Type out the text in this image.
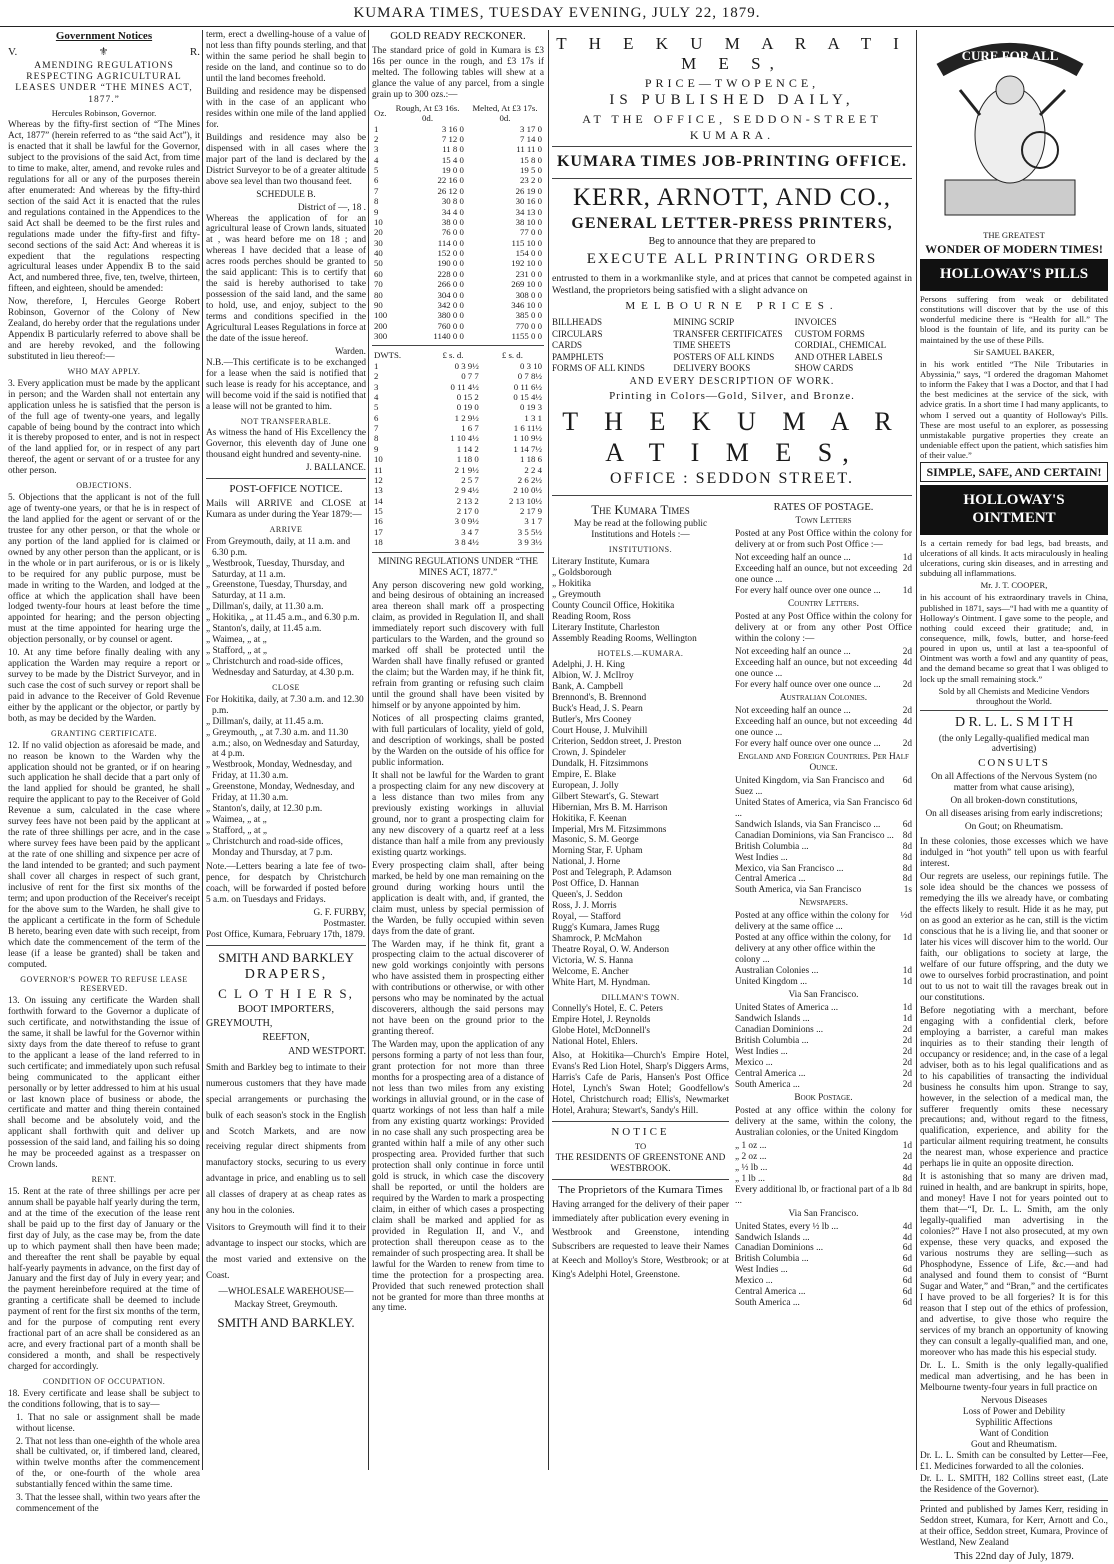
KUMARA TIMES, TUESDAY EVENING, JULY 22, 1879.
Government Notices
V.	⚜	R.
AMENDING REGULATIONS RESPECTING AGRICULTURAL LEASES UNDER “THE MINES ACT, 1877.”
Hercules Robinson, Governor.

Whereas by the fifty-first section of “The Mines Act, 1877” (herein referred to as “the said Act”), it is enacted that it shall be lawful for the Governor, subject to the provisions of the said Act, from time to time to make, alter, amend, and revoke rules and regulations for all or any of the purposes therein after enumerated: And whereas by the fifty-third section of the said Act it is enacted that the rules and regulations contained in the Appendices to the said Act shall be deemed to be the first rules and regulations made under the fifty-first and fifty-second sections of the said Act: And whereas it is expedient that the regulations respecting agricultural leases under Appendix B to the said Act, and numbered three, five, ten, twelve, thirteen, fifteen, and eighteen, should be amended:

Now, therefore, I, Hercules George Robert Robinson, Governor of the Colony of New Zealand, do hereby order that the regulations under Appendix B particularly referred to above shall be and are hereby revoked, and the following substituted in lieu thereof:—

WHO MAY APPLY.

3. Every application must be made by the applicant in person; and the Warden shall not entertain any application unless he is satisfied that the person is of the full age of twenty-one years, and legally capable of being bound by the contract into which it is thereby proposed to enter, and is not in respect of the land applied for, or in respect of any part thereof, the agent or servant of or a trustee for any other person.

OBJECTIONS.

5. Objections that the applicant is not of the full age of twenty-one years, or that he is in respect of the land applied for the agent or servant of or the trustee for any other person, or that the whole or any portion of the land applied for is claimed or owned by any other person than the applicant, or is in the whole or in part auriferous, or is or is likely to be required for any public purpose, must be made in writing to the Warden, and lodged at the office at which the application shall have been lodged twenty-four hours at least before the time appointed for hearing; and the person objecting must at the time appointed for hearing urge the objection personally, or by counsel or agent.

10. At any time before finally dealing with any application the Warden may require a report or survey to be made by the District Surveyor, and in such case the cost of such survey or report shall be paid in advance to the Receiver of Gold Revenue either by the applicant or the objector, or partly by both, as may be decided by the Warden.

GRANTING CERTIFICATE.

12. If no valid objection as aforesaid be made, and no reason be known to the Warden why the application should not be granted, or if on hearing such application he shall decide that a part only of the land applied for should be granted, he shall require the applicant to pay to the Receiver of Gold Revenue a sum, calculated in the case where survey fees have not been paid by the applicant at the rate of three shillings per acre, and in the case where survey fees have been paid by the applicant at the rate of one shilling and sixpence per acre of the land intended to be granted; and such payment shall cover all charges in respect of such grant, inclusive of rent for the first six months of the term; and upon production of the Receiver's receipt for the above sum to the Warden, he shall give to the applicant a certificate in the form of Schedule B hereto, bearing even date with such receipt, from which date the commencement of the term of the lease (if a lease be granted) shall be taken and computed.

GOVERNOR'S POWER TO REFUSE LEASE RESERVED.

13. On issuing any certificate the Warden shall forthwith forward to the Governor a duplicate of such certificate, and notwithstanding the issue of the same, it shall be lawful for the Governor within sixty days from the date thereof to refuse to grant to the applicant a lease of the land referred to in such certificate; and immediately upon such refusal being communicated to the applicant either personally or by letter addressed to him at his usual or last known place of business or abode, the certificate and matter and thing therein contained shall become and be absolutely void, and the applicant shall forthwith quit and deliver up possession of the said land, and failing his so doing he may be proceeded against as a trespasser on Crown lands.

RENT.

15. Rent at the rate of three shillings per acre per annum shall be payable half yearly during the term, and at the time of the execution of the lease rent shall be paid up to the first day of January or the first day of July, as the case may be, from the date up to which payment shall then have been made; and thereafter the rent shall be payable by equal half-yearly payments in advance, on the first day of January and the first day of July in every year; and the payment hereinbefore required at the time of granting a certificate shall be deemed to include payment of rent for the first six months of the term, and for the purpose of computing rent every fractional part of an acre shall be considered as an acre, and every fractional part of a month shall be considered a month, and shall be respectively charged for accordingly.

CONDITION OF OCCUPATION.

18. Every certificate and lease shall be subject to the conditions following, that is to say—

1. That no sale or assignment shall be made without license.

2. That not less than one-eighth of the whole area shall be cultivated, or, if timbered land, cleared, within twelve months after the commencement of the, or one-fourth of the whole area substantially fenced within the same time.

3. That the lessee shall, within two years after the commencement of the

term, erect a dwelling-house of a value of not less than fifty pounds sterling, and that within the same period he shall begin to reside on the land, and continue so to do until the land becomes freehold.

Building and residence may be dispensed with in the case of an applicant who resides within one mile of the land applied for.

Buildings and residence may also be dispensed with in all cases where the major part of the land is declared by the District Surveyor to be of a greater altitude above sea level than two thousand feet.

SCHEDULE B.
District of —, 18 .

Whereas the application of for an agricultural lease of Crown lands, situated at , was heard before me on 18 ; and whereas I have decided that a lease of acres roods perches should be granted to the said applicant: This is to certify that the said is hereby authorised to take possession of the said land, and the same to hold, use, and enjoy, subject to the terms and conditions specified in the Agricultural Leases Regulations in force at the date of the issue hereof.

Warden.

N.B.—This certificate is to be exchanged for a lease when the said is notified that such lease is ready for his acceptance, and will become void if the said is notified that a lease will not be granted to him.

NOT TRANSFERABLE.

As witness the hand of His Excellency the Governor, this eleventh day of June one thousand eight hundred and seventy-nine.

J. BALLANCE.
POST-OFFICE NOTICE.

Mails will ARRIVE and CLOSE at Kumara as under during the Year 1879:—

ARRIVE
From Greymouth, daily, at 11 a.m. and 6.30 p.m.
„ Westbrook, Tuesday, Thursday, and Saturday, at 11 a.m.
„ Greenstone, Tuesday, Thursday, and Saturday, at 11 a.m.
„ Dillman's, daily, at 11.30 a.m.
„ Hokitika, „ at 11.45 a.m., and 6.30 p.m.
„ Stanton's, daily, at 11.45 a.m.
„ Waimea, „ at „
„ Stafford, „ at „
„ Christchurch and road-side offices, Wednesday and Saturday, at 4.30 p.m.
CLOSE
For Hokitika, daily, at 7.30 a.m. and 12.30 p.m.
„ Dillman's, daily, at 11.45 a.m.
„ Greymouth, „ at 7.30 a.m. and 11.30 a.m.; also, on Wednesday and Saturday, at 4 p.m.
„ Westbrook, Monday, Wednesday, and Friday, at 11.30 a.m.
„ Greenstone, Monday, Wednesday, and Friday, at 11.30 a.m.
„ Stanton's, daily, at 12.30 p.m.
„ Waimea, „ at „
„ Stafford, „ at „
„ Christchurch and road-side offices, Monday and Thursday, at 7 p.m.

Note.—Letters bearing a late fee of two-pence, for despatch by Christchurch coach, will be forwarded if posted before 5 a.m. on Tuesdays and Fridays.

G. F. FURBY,
Postmaster.

Post Office, Kumara, February 17th, 1879.

SMITH AND BARKLEY
DRAPERS,
C L O T H I E R S,
BOOT IMPORTERS,
GREYMOUTH,
REEFTON,
AND WESTPORT.

Smith and Barkley beg to intimate to their numerous customers that they have made special arrangements or purchasing the bulk of each season's stock in the English and Scotch Markets, and are now receiving regular direct shipments from manufactory stocks, securing to us every advantage in price, and enabling us to sell all classes of drapery at as cheap rates as any hou in the colonies.

Visitors to Greymouth will find it to their advantage to inspect our stocks, which are the most varied and extensive on the Coast.

—WHOLESALE WAREHOUSE—
Mackay Street, Greymouth.
SMITH AND BARKLEY.
GOLD READY RECKONER.

The standard price of gold in Kumara is £3 16s per ounce in the rough, and £3 17s if melted. The following tables will shew at a glance the value of any parcel, from a single grain up to 300 ozs.:—

Oz.	Rough, At £3 16s. 0d.	Melted, At £3 17s. 0d.
1	3 16 0	3 17 0
2	7 12 0	7 14 0
3	11 8 0	11 11 0
4	15 4 0	15 8 0
5	19 0 0	19 5 0
6	22 16 0	23 2 0
7	26 12 0	26 19 0
8	30 8 0	30 16 0
9	34 4 0	34 13 0
10	38 0 0	38 10 0
20	76 0 0	77 0 0
30	114 0 0	115 10 0
40	152 0 0	154 0 0
50	190 0 0	192 10 0
60	228 0 0	231 0 0
70	266 0 0	269 10 0
80	304 0 0	308 0 0
90	342 0 0	346 10 0
100	380 0 0	385 0 0
200	760 0 0	770 0 0
300	1140 0 0	1155 0 0
DWTS.	£ s. d.	£ s. d.
1	0 3 9½	0 3 10
2	0 7 7	0 7 8½
3	0 11 4½	0 11 6½
4	0 15 2	0 15 4½
5	0 19 0	0 19 3
6	1 2 9½	1 3 1
7	1 6 7	1 6 11½
8	1 10 4½	1 10 9½
9	1 14 2	1 14 7½
10	1 18 0	1 18 6
11	2 1 9½	2 2 4
12	2 5 7	2 6 2½
13	2 9 4½	2 10 0½
14	2 13 2	2 13 10½
15	2 17 0	2 17 9
16	3 0 9½	3 1 7
17	3 4 7	3 5 5½
18	3 8 4½	3 9 3½
MINING REGULATIONS UNDER “THE MINES ACT, 1877.”

Any person discovering new gold working, and being desirous of obtaining an increased area thereon shall mark off a prospecting claim, as provided in Regulation II, and shall immediately report such discovery with full particulars to the Warden, and the ground so marked off shall be protected until the Warden shall have finally refused or granted the claim; but the Warden may, if he think fit, refrain from granting or refusing such claim until the ground shall have been visited by himself or by anyone appointed by him.

Notices of all prospecting claims granted, with full particulars of locality, yield of gold, and description of workings, shall be posted by the Warden on the outside of his office for public information.

It shall not be lawful for the Warden to grant a prospecting claim for any new discovery at a less distance than two miles from any previously existing workings in alluvial ground, nor to grant a prospecting claim for any new discovery of a quartz reef at a less distance than half a mile from any previously existing quartz workings.

Every prospecting claim shall, after being marked, be held by one man remaining on the ground during working hours until the application is dealt with, and, if granted, the claim must, unless by special permission of the Warden, be fully occupied within seven days from the date of grant.

The Warden may, if he think fit, grant a prospecting claim to the actual discoverer of new gold workings conjointly with persons who have assisted them in prospecting either with contributions or otherwise, or with other persons who may be nominated by the actual discoverers, although the said persons may not have been on the ground prior to the granting thereof.

The Warden may, upon the application of any persons forming a party of not less than four, grant protection for not more than three months for a prospecting area of a distance of not less than two miles from any existing workings in alluvial ground, or in the case of quartz workings of not less than half a mile from any existing quartz workings: Provided in no case shall any such prospecting area be granted within half a mile of any other such prospecting area. Provided further that such protection shall only continue in force until gold is struck, in which case the discovery shall be reported, or until the holders are required by the Warden to mark a prospecting claim, in either of which cases a prospecting claim shall be marked and applied for as provided in Regulation II, and V., and protection shall thereupon cease as to the remainder of such prospecting area. It shall be lawful for the Warden to renew from time to time the protection for a prospecting area. Provided that such renewed protection shall not be granted for more than three months at any time.

T H E K U M A R A T I M E S,
PRICE—TWOPENCE,
IS PUBLISHED DAILY,
AT THE OFFICE, SEDDON-STREET
KUMARA.
KUMARA TIMES JOB-PRINTING OFFICE.
KERR, ARNOTT, AND CO.,
GENERAL LETTER-PRESS PRINTERS,
Beg to announce that they are prepared to
EXECUTE ALL PRINTING ORDERS

entrusted to them in a workmanlike style, and at prices that cannot be competed against in Westland, the proprietors being satisfied with a slight advance on

MELBOURNE PRICES.
BILLHEADS	MINING SCRIP	INVOICES
CIRCULARS	TRANSFER CERTIFICATES	CUSTOM FORMS
CARDS	TIME SHEETS	CORDIAL, CHEMICAL
PAMPHLETS	POSTERS OF ALL KINDS	AND OTHER LABELS
FORMS OF ALL KINDS	DELIVERY BOOKS	SHOW CARDS
AND EVERY DESCRIPTION OF WORK.
Printing in Colors—Gold, Silver, and Bronze.
T H E K U M A R A T I M E S,
OFFICE : SEDDON STREET.
The Kumara Times
May be read at the following public Institutions and Hotels :—
INSTITUTIONS.
Literary Institute, Kumara
„ Goldsborough
„ Hokitika
„ Greymouth
County Council Office, Hokitika
Reading Room, Ross
Literary Institute, Charleston
Assembly Reading Rooms, Wellington
HOTELS.—KUMARA.
Adelphi, J. H. King
Albion, W. J. McIlroy
Bank, A. Campbell
Brennond's, B. Brennond
Buck's Head, J. S. Pearn
Butler's, Mrs Cooney
Court House, J. Mulvihill
Criterion, Seddon street, J. Preston
Crown, J. Spindeler
Dundalk, H. Fitzsimmons
Empire, E. Blake
European, J. Jolly
Gilbert Stewart's, G. Stewart
Hibernian, Mrs B. M. Harrison
Hokitika, F. Keenan
Imperial, Mrs M. Fitzsimmons
Masonic, S. M. George
Morning Star, F. Upham
National, J. Horne
Post and Telegraph, P. Adamson
Post Office, D. Hannan
Queen's, J. Seddon
Ross, J. J. Morris
Royal, — Stafford
Rugg's Kumara, James Rugg
Shamrock, P. McMahon
Theatre Royal, O. W. Anderson
Victoria, W. S. Hanna
Welcome, E. Ancher
White Hart, M. Hyndman.
DILLMAN'S TOWN.
Connelly's Hotel, E. C. Peters
Empire Hotel, J. Reynolds
Globe Hotel, McDonnell's
National Hotel, Ehlers.

Also, at Hokitika—Church's Empire Hotel, Evans's Red Lion Hotel, Sharp's Diggers Arms, Harris's Cafe de Paris, Hansen's Post Office Hotel, Lynch's Swan Hotel; Goodfellow's Hotel, Christchurch road; Ellis's, Newmarket Hotel, Arahura; Stewart's, Sandy's Hill.

NOTICE
TO
THE RESIDENTS OF GREENSTONE AND WESTBROOK.
The Proprietors of the Kumara Times

Having arranged for the delivery of their paper immediately after publication every evening in Westbrook and Greenstone, intending Subscribers are requested to leave their Names at Keech and Molloy's Store, Westbrook; or at King's Adelphi Hotel, Greenstone.

RATES OF POSTAGE.
Town Letters

Posted at any Post Office within the colony for delivery at or from such Post Office :—

Not exceeding half an ounce ...	1d
Exceeding half an ounce, but not exceeding one ounce ...
2d
For every half ounce over one ounce ... 1d
Country Letters.

Posted at any Post Office within the colony for delivery at or from any other Post Office within the colony :—

Not exceeding half an ounce ...	2d
Exceeding half an ounce, but not exceeding one ounce ...
4d
For every half ounce over one ounce ... 2d
Australian Colonies.
Not exceeding half an ounce ...	2d
Exceeding half an ounce, but not exceeding one ounce ...
4d
For every half ounce over one ounce ... 2d
England and Foreign Countries. Per Half Ounce.
United Kingdom, via San Francisco and Suez ...
6d
United States of America, via San Francisco ...
6d
Sandwich Islands, via San Francisco ... 6d
Canadian Dominions, via San Francisco ... 8d
British Columbia ...	8d
West Indies ...	8d
Mexico, via San Francisco ...	8d
Central America ...	8d
South America, via San Francisco	1s
Newspapers.
Posted at any office within the colony for delivery at the same office ...
½d
Posted at any office within the colony, for delivery at any other office within the colony ...
1d
Australian Colonies ...	1d
United Kingdom ...	1d
Via San Francisco.
United States of America ...	1d
Sandwich Islands ...	1d
Canadian Dominions ...	2d
British Columbia ...	2d
West Indies ...	2d
Mexico ...	2d
Central America ...	2d
South America ...	2d
Book Postage.

Posted at any office within the colony for delivery at the same, within the colony, the Australian colonies, or the United Kingdom

„ 1 oz ...	1d
„ 2 oz ...	2d
„ ½ lb ...	4d
„ 1 lb ...	8d
Every additional lb, or fractional part of a lb ...
8d
Via San Francisco.
United States, every ½ lb ...	4d
Sandwich Islands ...	4d
Canadian Dominions ...	6d
British Columbia ...	6d
West Indies ...	6d
Mexico ...	6d
Central America ...	6d
South America ...	6d
CURE FOR ALL
THE GREATEST
WONDER OF MODERN TIMES!
HOLLOWAY'S PILLS

Persons suffering from weak or debilitated constitutions will discover that by the use of this wonderful medicine there is “Health for all.” The blood is the fountain of life, and its purity can be maintained by the use of these Pills.

Sir SAMUEL BAKER,

in his work entitled “The Nile Tributaries in Abyssinia,” says, “I ordered the dragoman Mahomet to inform the Fakey that I was a Doctor, and that I had the best medicines at the service of the sick, with advice gratis. In a short time I had many applicants, to whom I served out a quantity of Holloway's Pills. These are most useful to an explorer, as possessing unmistakable purgative properties they create an undeniable effect upon the patient, which satisfies him of their value.”

SIMPLE, SAFE, AND CERTAIN!
HOLLOWAY'S OINTMENT

Is a certain remedy for bad legs, bad breasts, and ulcerations of all kinds. It acts miraculously in healing ulcerations, curing skin diseases, and in arresting and subduing all inflammations.

Mr. J. T. COOPER,

in his account of his extraordinary travels in China, published in 1871, says—“I had with me a quantity of Holloway's Ointment. I gave some to the people, and nothing could exceed their gratitude; and, in consequence, milk, fowls, butter, and horse-feed poured in upon us, until at last a tea-spoonful of Ointment was worth a fowl and any quantity of peas, and the demand became so great that I was obliged to lock up the small remaining stock.”

Sold by all Chemists and Medicine Vendors throughout the World.

D R. L. L. S M I T H
(the only Legally-qualified medical man advertising)
CONSULTS
On all Affections of the Nervous System (no matter from what cause arising),
On all broken-down constitutions,
On all diseases arising from early indiscretions;
On Gout; on Rheumatism.

In these colonies, those excesses which we have indulged in “hot youth” tell upon us with fearful interest.

Our regrets are useless, our repinings futile. The sole idea should be the chances we possess of remedying the ills we already have, or combating the effects likely to result. Hide it as he may, put on as good an exterior as he can, still is the victim conscious that he is a living lie, and that sooner or later his vices will discover him to the world. Our faith, our obligations to society at large, the welfare of our future offspring, and the duty we owe to ourselves forbid procrastination, and point out to us not to wait till the ravages break out in our constitutions.

Before negotiating with a merchant, before engaging with a confidential clerk, before employing a barrister, a careful man makes inquiries as to their standing their length of occupancy or residence; and, in the case of a legal adviser, both as to his legal qualifications and as to his capabilities of transacting the individual business he consults him upon. Strange to say, however, in the selection of a medical man, the sufferer frequently omits these necessary precautions; and, without regard to the fitness, qualification, experience, and ability for the particular ailment requiring treatment, he consults the nearest man, whose experience and practice perhaps lie in quite an opposite direction.

It is astonishing that so many are driven mad, ruined in health, and are bankrupt in spirits, hope, and money! Have I not for years pointed out to them that—“I, Dr. L. L. Smith, am the only legally-qualified man advertising in the colonies?” Have I not also prosecuted, at my own expense, these very quacks, and exposed the various nostrums they are selling—such as Phosphodyne, Essence of Life, &c.—and had analysed and found them to consist of “Burnt Sugar and Water,” and “Bran,” and the certificates I have proved to be all forgeries? It is for this reason that I step out of the ethics of profession, and advertise, to give those who require the services of my branch an opportunity of knowing they can consult a legally-qualified man, and one, moreover who has made this his especial study.

Dr. L. L. Smith is the only legally-qualified medical man advertising, and he has been in Melbourne twenty-four years in full practice on

Nervous Diseases
Loss of Power and Debility
Syphilitic Affections
Want of Condition
Gout and Rheumatism.

Dr. L. L. Smith can be consulted by Letter—Fee, £1. Medicines forwarded to all the colonies.

Dr. L. L. SMITH, 182 Collins street east, (Late the Residence of the Governor).

Printed and published by James Kerr, residing in Seddon street, Kumara, for Kerr, Arnott and Co., at their office, Seddon street, Kumara, Province of Westland, New Zealand

This 22nd day of July, 1879.
